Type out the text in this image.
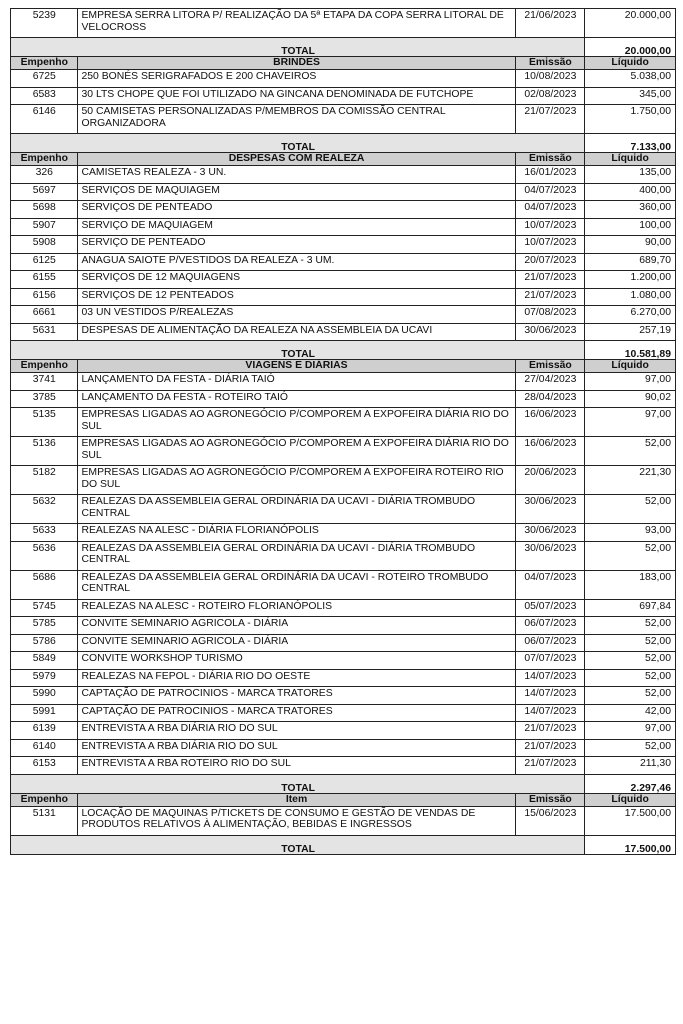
5239	EMPRESA SERRA LITORA P/ REALIZAÇÃO DA 5ª ETAPA DA COPA SERRA LITORAL DE VELOCROSS	21/06/2023	20.000,00

TOTAL			20.000,00
Empenho	BRINDES	Emissão	Líquido
6725	250 BONÉS SERIGRAFADOS E 200 CHAVEIROS	10/08/2023	5.038,00
6583	30 LTS CHOPE QUE FOI UTILIZADO NA GINCANA DENOMINADA DE FUTCHOPE	02/08/2023	345,00
6146	50 CAMISETAS PERSONALIZADAS P/MEMBROS DA COMISSÃO CENTRAL ORGANIZADORA	21/07/2023	1.750,00

TOTAL			7.133,00
Empenho	DESPESAS COM REALEZA	Emissão	Líquido
326	CAMISETAS REALEZA - 3 UN.	16/01/2023	135,00
5697	SERVIÇOS DE MAQUIAGEM	04/07/2023	400,00
5698	SERVIÇOS DE PENTEADO	04/07/2023	360,00
5907	SERVIÇO DE MAQUIAGEM	10/07/2023	100,00
5908	SERVIÇO DE PENTEADO	10/07/2023	90,00
6125	ANAGUA SAIOTE P/VESTIDOS DA REALEZA - 3 UM.	20/07/2023	689,70
6155	SERVIÇOS DE 12 MAQUIAGENS	21/07/2023	1.200,00
6156	SERVIÇOS DE 12 PENTEADOS	21/07/2023	1.080,00
6661	03 UN VESTIDOS P/REALEZAS	07/08/2023	6.270,00
5631	DESPESAS DE ALIMENTAÇÃO DA REALEZA NA ASSEMBLEIA DA UCAVI	30/06/2023	257,19

TOTAL			10.581,89
Empenho	VIAGENS E DIÁRIAS	Emissão	Líquido
3741	LANÇAMENTO DA FESTA - DIÁRIA TAIÓ	27/04/2023	97,00
3785	LANÇAMENTO DA FESTA - ROTEIRO TAIÓ	28/04/2023	90,02
5135	EMPRESAS LIGADAS AO AGRONEGÓCIO P/COMPOREM A EXPOFEIRA DIÁRIA RIO DO SUL	16/06/2023	97,00
5136	EMPRESAS LIGADAS AO AGRONEGÓCIO P/COMPOREM A EXPOFEIRA DIÁRIA RIO DO SUL	16/06/2023	52,00
5182	EMPRESAS LIGADAS AO AGRONEGÓCIO P/COMPOREM A EXPOFEIRA ROTEIRO RIO DO SUL	20/06/2023	221,30
5632	REALEZAS DA ASSEMBLEIA GERAL ORDINÁRIA DA UCAVI - DIÁRIA TROMBUDO CENTRAL	30/06/2023	52,00
5633	REALEZAS NA ALESC - DIÁRIA FLORIANÓPOLIS	30/06/2023	93,00
5636	REALEZAS DA ASSEMBLEIA GERAL ORDINÁRIA DA UCAVI - DIÁRIA TROMBUDO CENTRAL	30/06/2023	52,00
5686	REALEZAS DA ASSEMBLEIA GERAL ORDINÁRIA DA UCAVI - ROTEIRO TROMBUDO CENTRAL	04/07/2023	183,00
5745	REALEZAS NA ALESC - ROTEIRO FLORIANÓPOLIS	05/07/2023	697,84
5785	CONVITE SEMINARIO AGRICOLA - DIÁRIA	06/07/2023	52,00
5786	CONVITE SEMINARIO AGRICOLA - DIÁRIA	06/07/2023	52,00
5849	CONVITE WORKSHOP TURISMO	07/07/2023	52,00
5979	REALEZAS NA FEPOL - DIÁRIA RIO DO OESTE	14/07/2023	52,00
5990	CAPTAÇÃO DE PATROCINIOS - MARCA TRATORES	14/07/2023	52,00
5991	CAPTAÇÃO DE PATROCINIOS - MARCA TRATORES	14/07/2023	42,00
6139	ENTREVISTA A RBA DIÁRIA RIO DO SUL	21/07/2023	97,00
6140	ENTREVISTA A RBA DIÁRIA RIO DO SUL	21/07/2023	52,00
6153	ENTREVISTA A RBA ROTEIRO RIO DO SUL	21/07/2023	211,30

TOTAL			2.297,46
Empenho	Item	Emissão	Líquido
5131	LOCAÇÃO DE MAQUINAS P/TICKETS DE CONSUMO E GESTÃO DE VENDAS DE PRODUTOS RELATIVOS À ALIMENTAÇÃO, BEBIDAS E INGRESSOS	15/06/2023	17.500,00

TOTAL			17.500,00
